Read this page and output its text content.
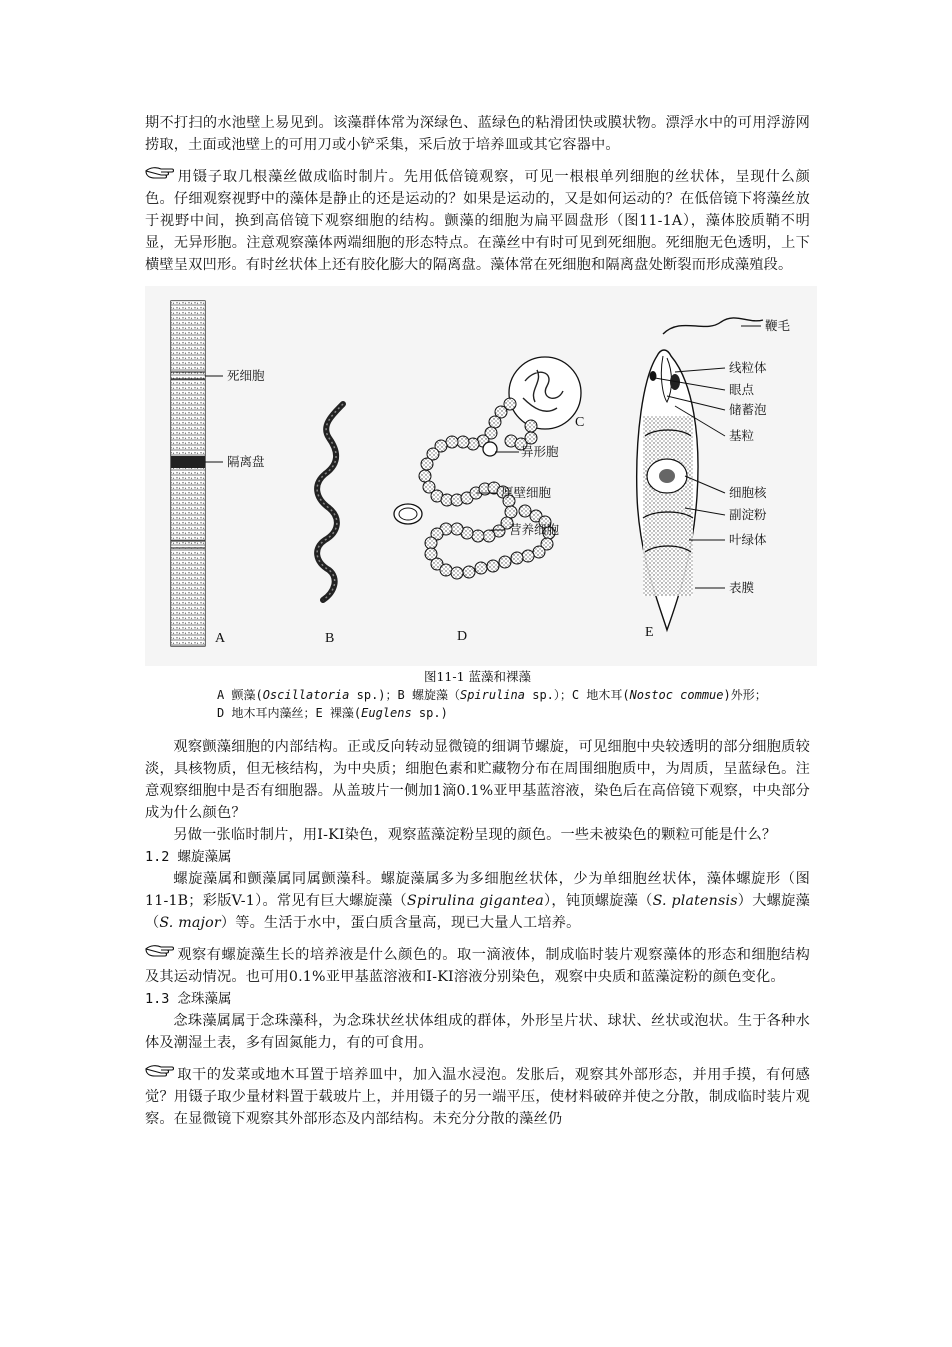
期不打扫的水池壁上易见到。该藻群体常为深绿色、蓝绿色的粘滑团快或膜状物。漂浮水中的可用浮游网捞取，土面或池壁上的可用刀或小铲采集，采后放于培养皿或其它容器中。

用镊子取几根藻丝做成临时制片。先用低倍镜观察，可见一根根单列细胞的丝状体，呈现什么颜色。仔细观察视野中的藻体是静止的还是运动的？如果是运动的，又是如何运动的？在低倍镜下将藻丝放于视野中间，换到高倍镜下观察细胞的结构。颤藻的细胞为扁平圆盘形（图11-1A），藻体胶质鞘不明显，无异形胞。注意观察藻体两端细胞的形态特点。在藻丝中有时可见到死细胞。死细胞无色透明，上下横壁呈双凹形。有时丝状体上还有胶化膨大的隔离盘。藻体常在死细胞和隔离盘处断裂而形成藻殖段。

死细胞
隔离盘
A	B
C
异形胞
厚壁细胞
营养细胞
D
鞭毛
线粒体
眼点
储蓄泡
基粒
细胞核
副淀粉
叶绿体
表膜
E
图11-1 蓝藻和裸藻
A 颤藻(Oscillatoria sp.)；B 螺旋藻（Spirulina sp.）；C 地木耳(Nostoc commue)外形；
D 地木耳内藻丝；E 裸藻(Euglens sp.)

观察颤藻细胞的内部结构。正或反向转动显微镜的细调节螺旋，可见细胞中央较透明的部分细胞质较淡，具核物质，但无核结构，为中央质；细胞色素和贮藏物分布在周围细胞质中，为周质，呈蓝绿色。注意观察细胞中是否有细胞器。从盖玻片一侧加1滴0.1%亚甲基蓝溶液，染色后在高倍镜下观察，中央部分成为什么颜色？

另做一张临时制片，用I-KI染色，观察蓝藻淀粉呈现的颜色。一些未被染色的颗粒可能是什么？

1.2 螺旋藻属

螺旋藻属和颤藻属同属颤藻科。螺旋藻属多为多细胞丝状体，少为单细胞丝状体，藻体螺旋形（图11-1B；彩版V-1）。常见有巨大螺旋藻（Spirulina gigantea），钝顶螺旋藻（S. platensis）大螺旋藻（S. major）等。生活于水中，蛋白质含量高，现已大量人工培养。

观察有螺旋藻生长的培养液是什么颜色的。取一滴液体，制成临时装片观察藻体的形态和细胞结构及其运动情况。也可用0.1%亚甲基蓝溶液和I-KI溶液分别染色，观察中央质和蓝藻淀粉的颜色变化。

1.3 念珠藻属

念珠藻属属于念珠藻科，为念珠状丝状体组成的群体，外形呈片状、球状、丝状或泡状。生于各种水体及潮湿土表，多有固氮能力，有的可食用。

取干的发菜或地木耳置于培养皿中，加入温水浸泡。发胀后，观察其外部形态，并用手摸，有何感觉？用镊子取少量材料置于载玻片上，并用镊子的另一端平压，使材料破碎并使之分散，制成临时装片观察。在显微镜下观察其外部形态及内部结构。未充分分散的藻丝仍
